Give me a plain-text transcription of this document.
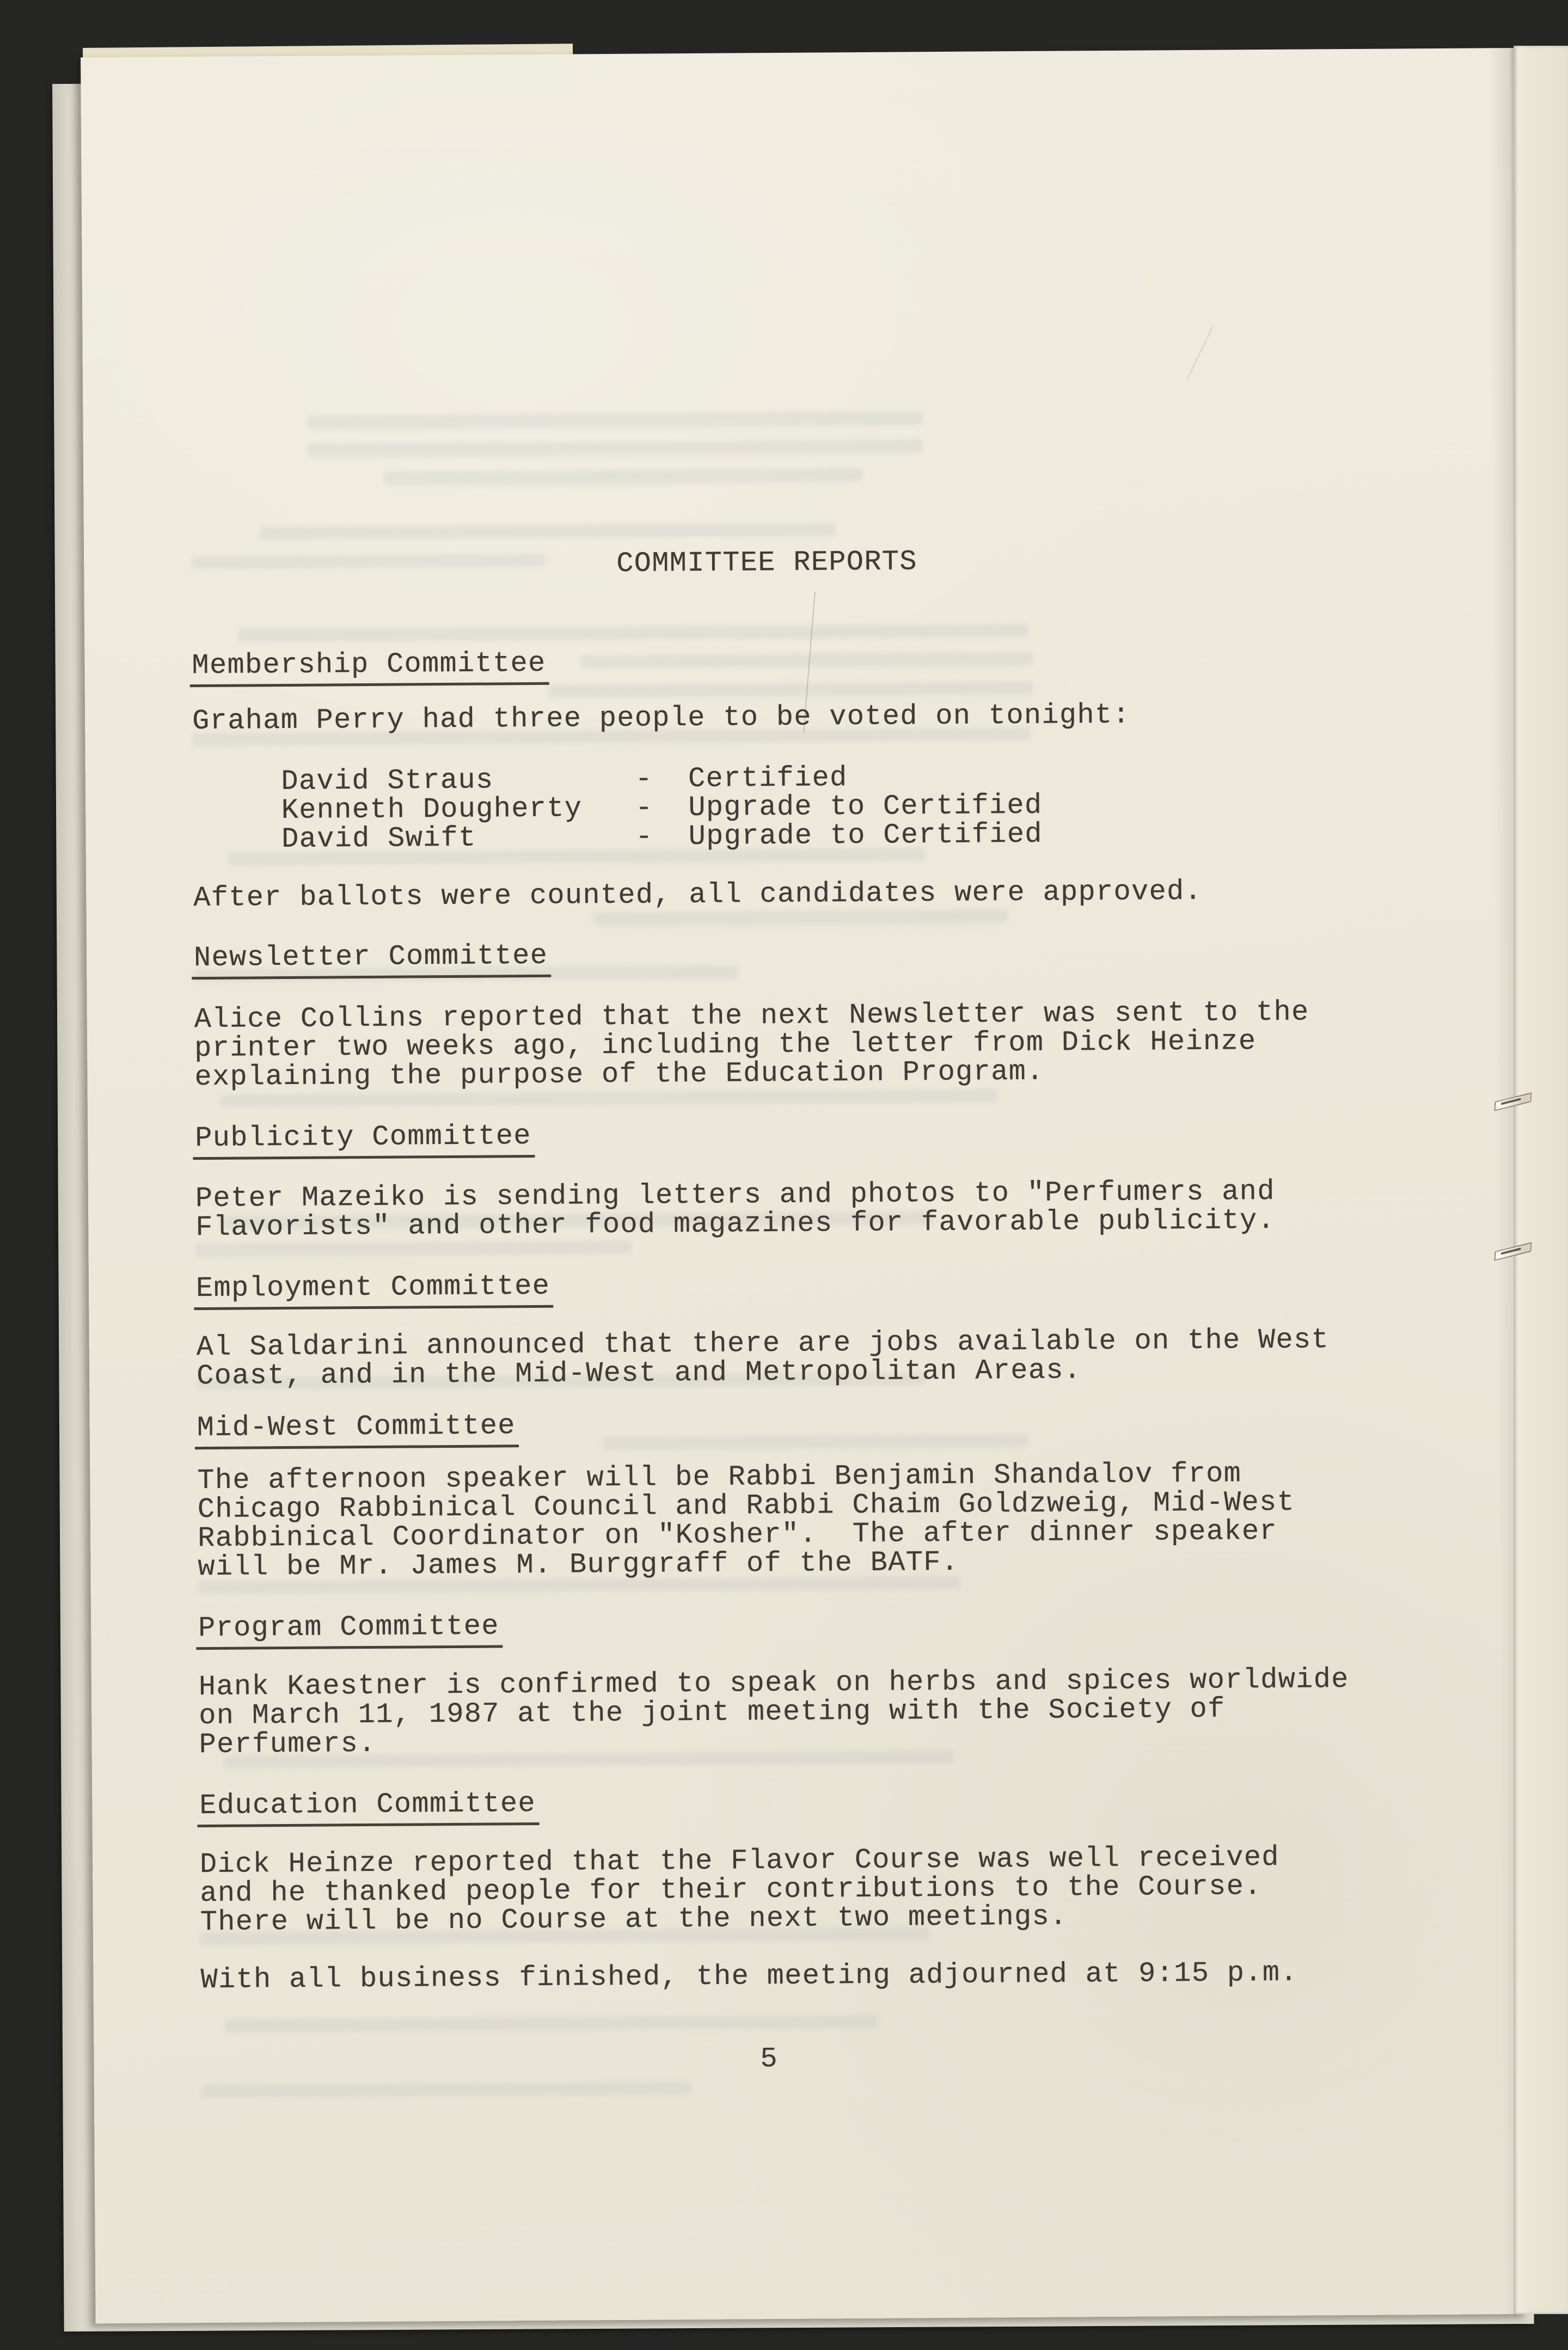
COMMITTEE REPORTS
Membership Committee
Graham Perry had three people to be voted on tonight:
David Straus        -  Certified
Kenneth Dougherty   -  Upgrade to Certified
David Swift         -  Upgrade to Certified
After ballots were counted, all candidates were approved.
Newsletter Committee
Alice Collins reported that the next Newsletter was sent to the
printer two weeks ago, including the letter from Dick Heinze
explaining the purpose of the Education Program.
Publicity Committee
Peter Mazeiko is sending letters and photos to "Perfumers and
Flavorists" and other food magazines for favorable publicity.
Employment Committee
Al Saldarini announced that there are jobs available on the West
Coast, and in the Mid-West and Metropolitan Areas.
Mid-West Committee
The afternoon speaker will be Rabbi Benjamin Shandalov from
Chicago Rabbinical Council and Rabbi Chaim Goldzweig, Mid-West
Rabbinical Coordinator on "Kosher".  The after dinner speaker
will be Mr. James M. Burggraff of the BATF.
Program Committee
Hank Kaestner is confirmed to speak on herbs and spices worldwide
on March 11, 1987 at the joint meeting with the Society of
Perfumers.
Education Committee
Dick Heinze reported that the Flavor Course was well received
and he thanked people for their contributions to the Course.
There will be no Course at the next two meetings.
With all business finished, the meeting adjourned at 9:15 p.m.
5
